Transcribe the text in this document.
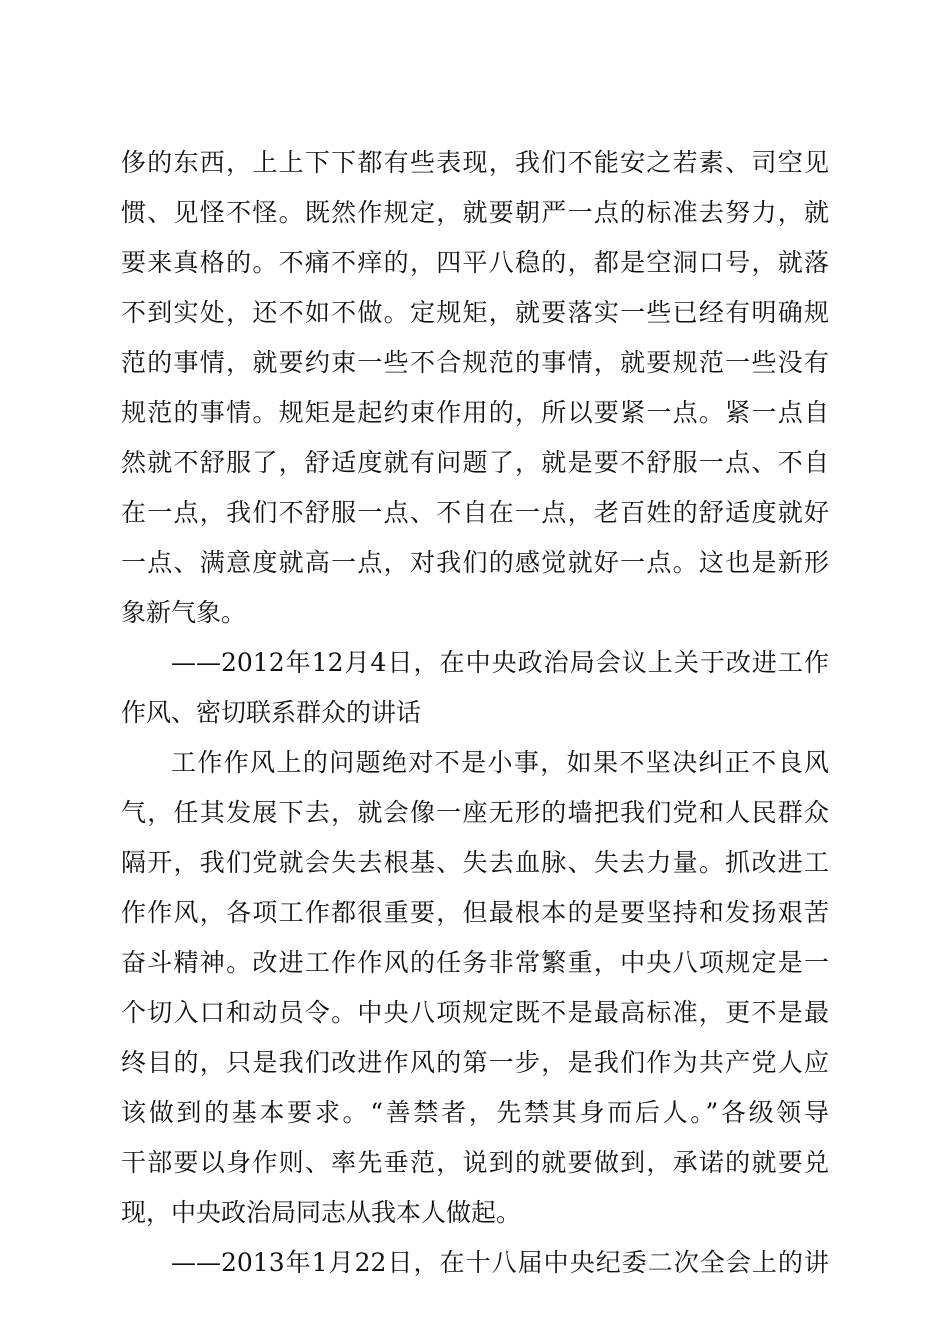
侈的东西，上上下下都有些表现，我们不能安之若素、司空见
惯、见怪不怪。既然作规定，就要朝严一点的标准去努力，就
要来真格的。不痛不痒的，四平八稳的，都是空洞口号，就落
不到实处，还不如不做。定规矩，就要落实一些已经有明确规
范的事情，就要约束一些不合规范的事情，就要规范一些没有
规范的事情。规矩是起约束作用的，所以要紧一点。紧一点自
然就不舒服了，舒适度就有问题了，就是要不舒服一点、不自
在一点，我们不舒服一点、不自在一点，老百姓的舒适度就好
一点、满意度就高一点，对我们的感觉就好一点。这也是新形
象新气象。
——2012年12月4日，在中央政治局会议上关于改进工作
作风、密切联系群众的讲话
工作作风上的问题绝对不是小事，如果不坚决纠正不良风
气，任其发展下去，就会像一座无形的墙把我们党和人民群众
隔开，我们党就会失去根基、失去血脉、失去力量。抓改进工
作作风，各项工作都很重要，但最根本的是要坚持和发扬艰苦
奋斗精神。改进工作作风的任务非常繁重，中央八项规定是一
个切入口和动员令。中央八项规定既不是最高标准，更不是最
终目的，只是我们改进作风的第一步，是我们作为共产党人应
该做到的基本要求。“善禁者，先禁其身而后人。”各级领导
干部要以身作则、率先垂范，说到的就要做到，承诺的就要兑
现，中央政治局同志从我本人做起。
——2013年1月22日，在十八届中央纪委二次全会上的讲
